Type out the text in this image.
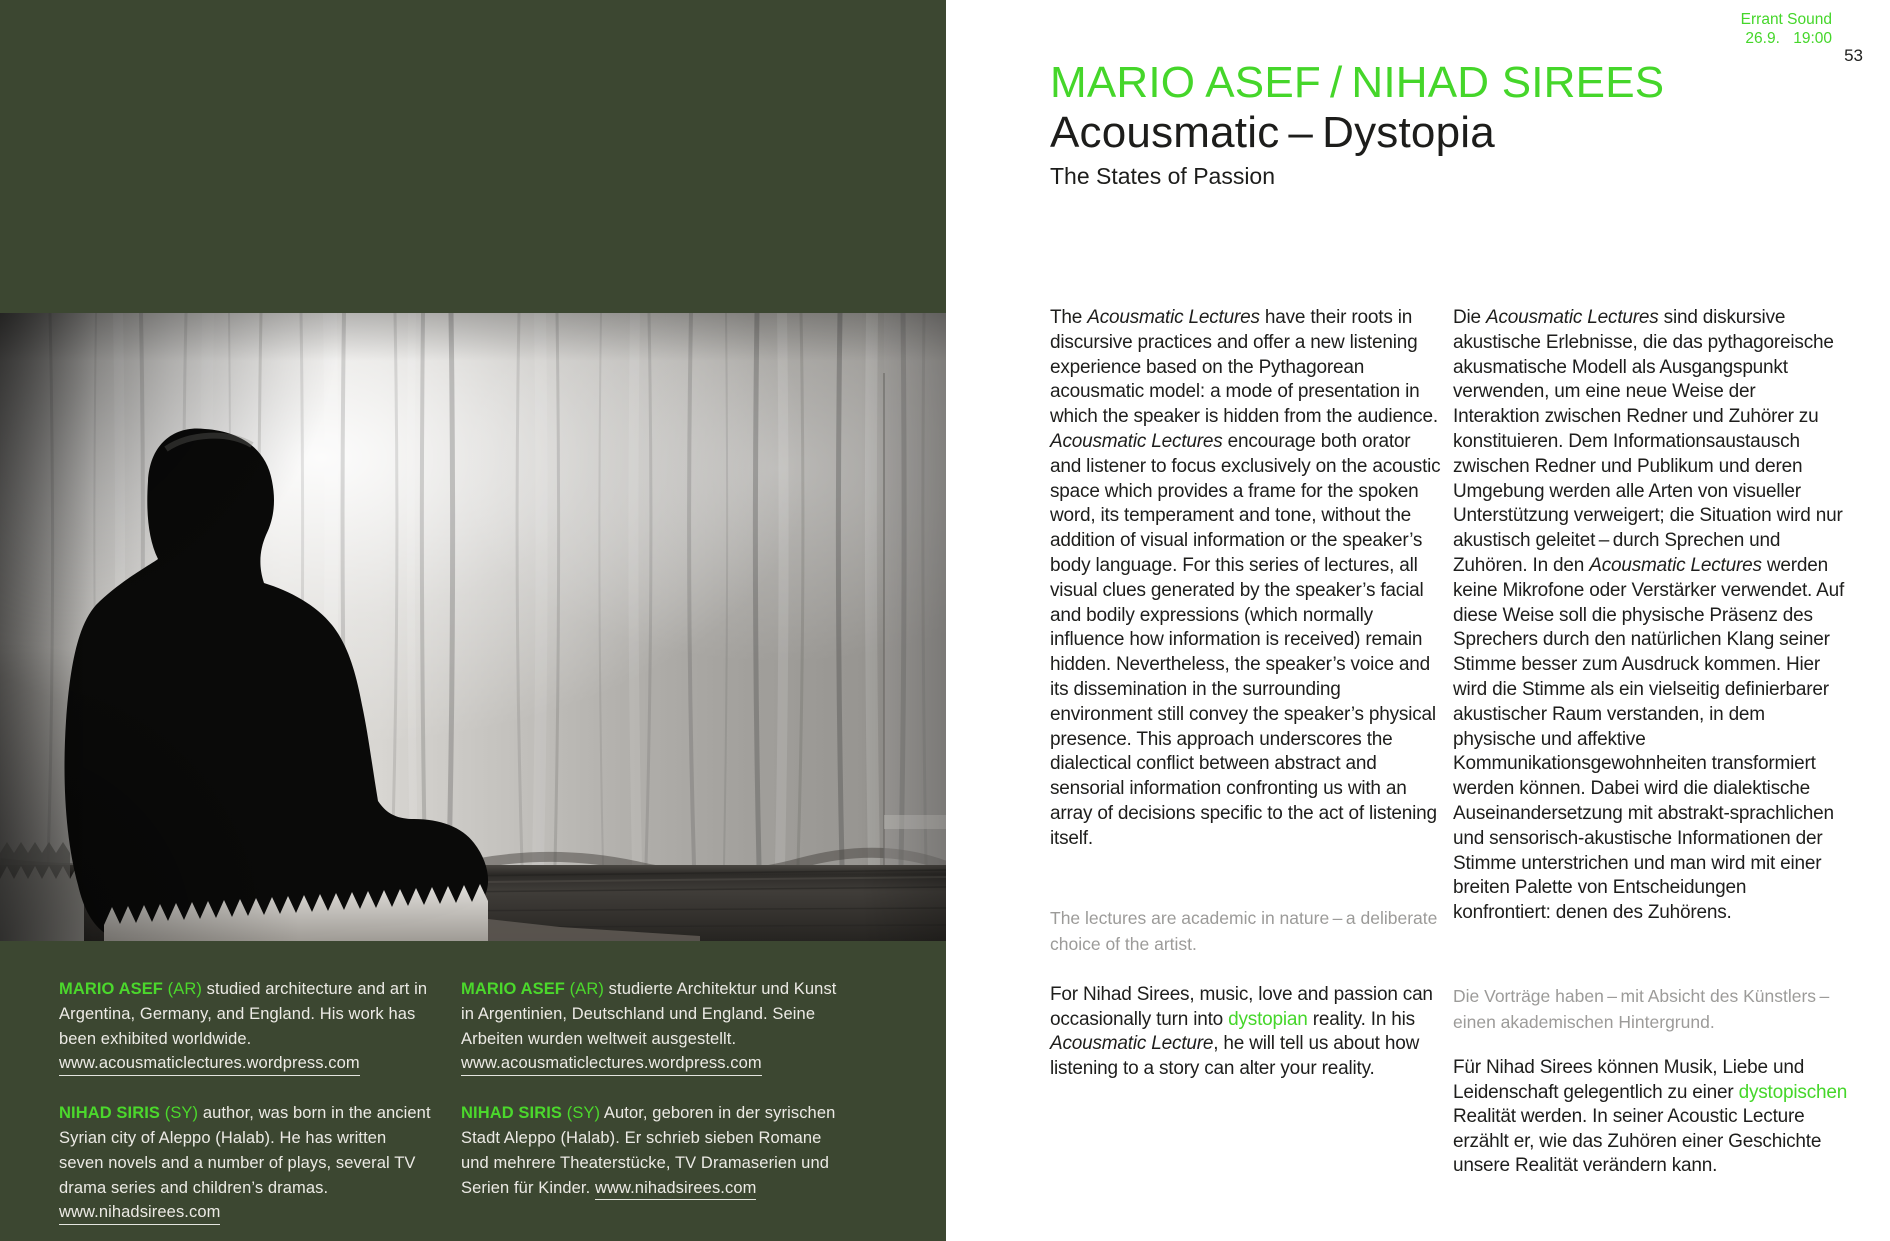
MARIO ASEF (AR) studied architecture and art in Argentina, Germany, and England. His work has been exhibited worldwide. www.acousmaticlectures.wordpress.com

NIHAD SIRIS (SY) author, was born in the ancient Syrian city of Aleppo (Halab). He has written seven novels and a number of plays, several TV drama series and children’s dramas. www.nihadsirees.com

MARIO ASEF (AR) studierte Architektur und Kunst in Argentinien, Deutschland und England. Seine Arbeiten wurden weltweit ausgestellt. www.acousmaticlectures.wordpress.com

NIHAD SIRIS (SY) Autor, geboren in der syrischen Stadt Aleppo (Halab). Er schrieb sieben Romane und mehrere Theaterstücke, TV Dramaserien und Serien für Kinder. www.nihadsirees.com

Errant Sound
26.9. 19:00
53
MARIO ASEF / NIHAD SIREES
Acousmatic – Dystopia
The States of Passion
The Acousmatic Lectures have their roots in discursive practices and offer a new listening experience based on the Pythagorean acousmatic model: a mode of presentation in which the speaker is hidden from the audience. Acousmatic Lectures encourage both orator and listener to focus exclusively on the acoustic space which provides a frame for the spoken word, its temperament and tone, without the addition of visual information or the speaker’s body language. For this series of lectures, all visual clues generated by the speaker’s facial and bodily expressions (which normally influence how information is received) remain hidden. Nevertheless, the speaker’s voice and its dissemination in the surrounding environment still convey the speaker’s physical presence. This approach underscores the dialectical conflict between abstract and sensorial information confronting us with an array of decisions specific to the act of listening itself.
The lectures are academic in nature – a deliberate choice of the artist.
For Nihad Sirees, music, love and passion can occasionally turn into dystopian reality. In his Acousmatic Lecture, he will tell us about how listening to a story can alter your reality.
Die Acousmatic Lectures sind diskursive akustische Erlebnisse, die das pythagoreische akusmatische Modell als Ausgangspunkt verwenden, um eine neue Weise der Interaktion zwischen Redner und Zuhörer zu konstituieren. Dem Informationsaustausch zwischen Redner und Publikum und deren Umgebung werden alle Arten von visueller Unterstützung verweigert; die Situation wird nur akustisch geleitet – durch Sprechen und Zuhören. In den Acousmatic Lectures werden keine Mikrofone oder Verstärker verwendet. Auf diese Weise soll die physische Präsenz des Sprechers durch den natürlichen Klang seiner Stimme besser zum Ausdruck kommen. Hier wird die Stimme als ein vielseitig definierbarer akustischer Raum verstanden, in dem physische und affektive Kommunikationsgewohnheiten transformiert werden können. Dabei wird die dialektische Auseinandersetzung mit abstrakt-sprachlichen und sensorisch-akustische Informationen der Stimme unterstrichen und man wird mit einer breiten Palette von Entscheidungen konfrontiert: denen des Zuhörens.
Die Vorträge haben – mit Absicht des Künstlers – einen akademischen Hintergrund.
Für Nihad Sirees können Musik, Liebe und Leidenschaft gelegentlich zu einer dystopischen Realität werden. In seiner Acoustic Lecture erzählt er, wie das Zuhören einer Geschichte unsere Realität verändern kann.
